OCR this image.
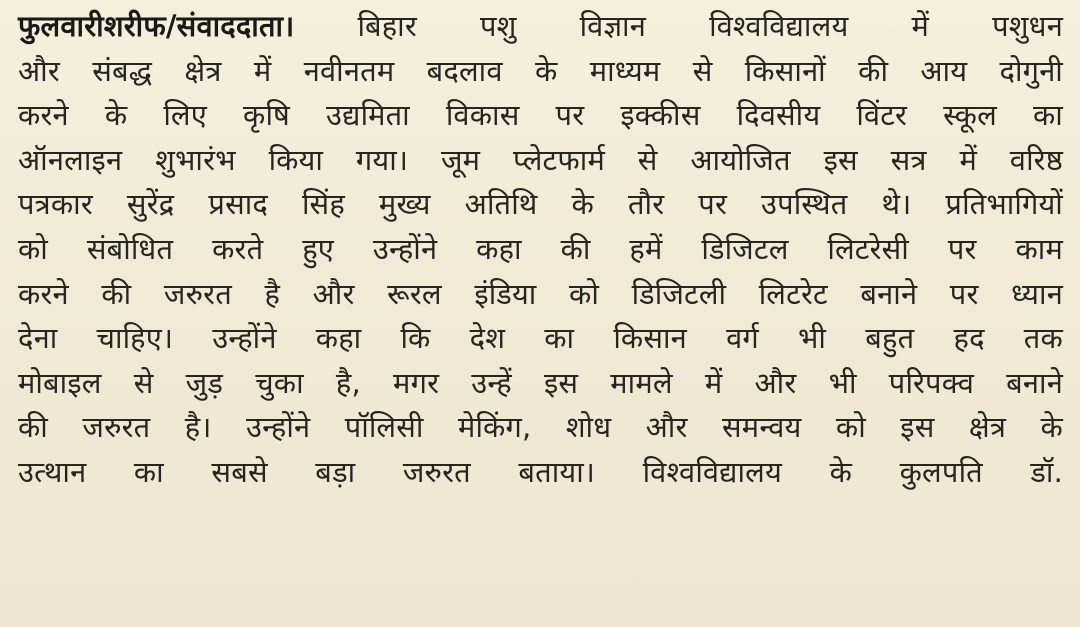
फुलवारीशरीफ/संवाददाता। बिहार पशु विज्ञान विश्वविद्यालय में पशुधन
और संबद्ध क्षेत्र में नवीनतम बदलाव के माध्यम से किसानों की आय दोगुनी
करने के लिए कृषि उद्यमिता विकास पर इक्कीस दिवसीय विंटर स्कूल का
ऑनलाइन शुभारंभ किया गया। जूम प्लेटफार्म से आयोजित इस सत्र में वरिष्ठ
पत्रकार सुरेंद्र प्रसाद सिंह मुख्य अतिथि के तौर पर उपस्थित थे। प्रतिभागियों
को संबोधित करते हुए उन्होंने कहा की हमें डिजिटल लिटरेसी पर काम
करने की जरुरत है और रूरल इंडिया को डिजिटली लिटरेट बनाने पर ध्यान
देना चाहिए। उन्होंने कहा कि देश का किसान वर्ग भी बहुत हद तक
मोबाइल से जुड़ चुका है, मगर उन्हें इस मामले में और भी परिपक्व बनाने
की जरुरत है। उन्होंने पॉलिसी मेकिंग, शोध और समन्वय को इस क्षेत्र के
उत्थान का सबसे बड़ा जरुरत बताया। विश्वविद्यालय के कुलपति डॉ.
